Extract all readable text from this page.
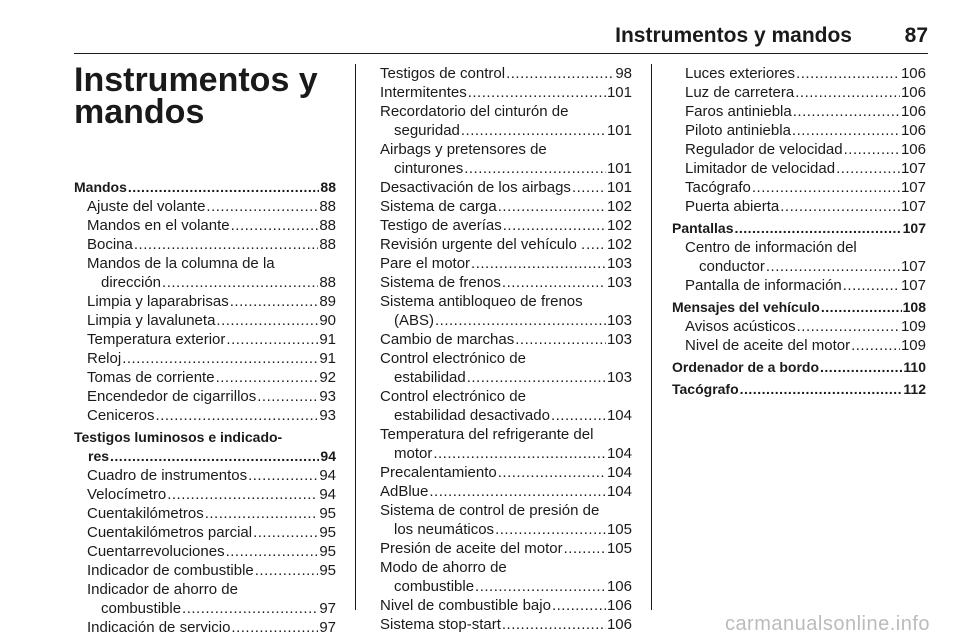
Instrumentos y mandos	87
Instrumentos y
mandos
Mandos .....	88
Ajuste del volante .....	88
Mandos en el volante .....	88
Bocina .....	88
Mandos de la columna de la
dirección .....	88
Limpia y laparabrisas .....	89
Limpia y lavaluneta .....	90
Temperatura exterior .....	91
Reloj .....	91
Tomas de corriente .....	92
Encendedor de cigarrillos .....	93
Ceniceros .....	93
Testigos luminosos e indicado-
res .....	94
Cuadro de instrumentos .....	94
Velocímetro .....	94
Cuentakilómetros .....	95
Cuentakilómetros parcial .....	95
Cuentarrevoluciones .....	95
Indicador de combustible .....	95
Indicador de ahorro de
combustible .....	97
Indicación de servicio .....	97
Testigos de control .....	98
Intermitentes .....	101
Recordatorio del cinturón de
seguridad .....	101
Airbags y pretensores de
cinturones .....	101
Desactivación de los airbags ..... 101
Sistema de carga .....	102
Testigo de averías .....	102
Revisión urgente del vehículo . ..... 102
Pare el motor .....	103
Sistema de frenos .....	103
Sistema antibloqueo de frenos
(ABS) .....	103
Cambio de marchas .....	103
Control electrónico de
estabilidad .....	103
Control electrónico de
estabilidad desactivado .....	104
Temperatura del refrigerante del
motor .....	104
Precalentamiento .....	104
AdBlue .....	104
Sistema de control de presión de
los neumáticos .....	105
Presión de aceite del motor .....	105
Modo de ahorro de
combustible .....	106
Nivel de combustible bajo .....	106
Sistema stop-start .....	106
Luces exteriores .....	106
Luz de carretera .....	106
Faros antiniebla .....	106
Piloto antiniebla .....	106
Regulador de velocidad .....	106
Limitador de velocidad .....	107
Tacógrafo .....	107
Puerta abierta .....	107
Pantallas .....	107
Centro de información del
conductor .....	107
Pantalla de información .....	107
Mensajes del vehículo .....	108
Avisos acústicos .....	109
Nivel de aceite del motor .....	109
Ordenador de a bordo .....	110
Tacógrafo .....	112
carmanualsonline.info
